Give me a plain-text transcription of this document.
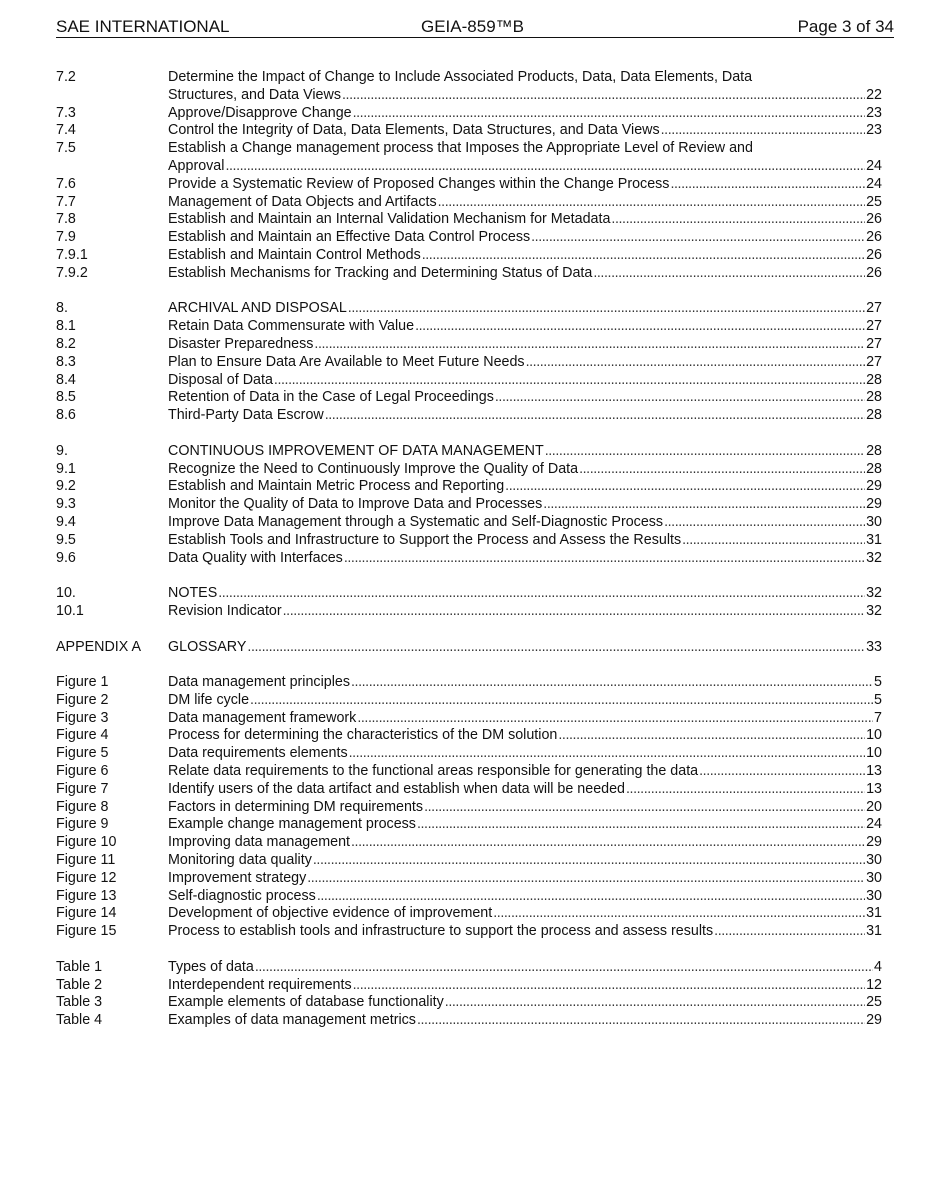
SAE INTERNATIONAL	GEIA-859™B	Page 3 of 34
7.2	Determine the Impact of Change to Include Associated Products, Data, Data Elements, Data
Structures, and Data Views . . .	22
7.3	Approve/Disapprove Change . . .	23
7.4	Control the Integrity of Data, Data Elements, Data Structures, and Data Views . . .	23
7.5	Establish a Change management process that Imposes the Appropriate Level of Review and
Approval . . .	24
7.6	Provide a Systematic Review of Proposed Changes within the Change Process . . .	24
7.7	Management of Data Objects and Artifacts . . .	25
7.8	Establish and Maintain an Internal Validation Mechanism for Metadata . . .	26
7.9	Establish and Maintain an Effective Data Control Process . . .	26
7.9.1	Establish and Maintain Control Methods . . .	26
7.9.2	Establish Mechanisms for Tracking and Determining Status of Data . . .	26
8.	ARCHIVAL AND DISPOSAL . . .	27
8.1	Retain Data Commensurate with Value . . .	27
8.2	Disaster Preparedness . . .	27
8.3	Plan to Ensure Data Are Available to Meet Future Needs . . .	27
8.4	Disposal of Data . . .	28
8.5	Retention of Data in the Case of Legal Proceedings . . .	28
8.6	Third-Party Data Escrow . . .	28
9.	CONTINUOUS IMPROVEMENT OF DATA MANAGEMENT . . .	28
9.1	Recognize the Need to Continuously Improve the Quality of Data . . .	28
9.2	Establish and Maintain Metric Process and Reporting . . .	29
9.3	Monitor the Quality of Data to Improve Data and Processes . . .	29
9.4	Improve Data Management through a Systematic and Self-Diagnostic Process . . .	30
9.5	Establish Tools and Infrastructure to Support the Process and Assess the Results . . .	31
9.6	Data Quality with Interfaces . . .	32
10.	NOTES . . .	32
10.1	Revision Indicator . . .	32
APPENDIX A	GLOSSARY . . .	33
Figure 1	Data management principles . . .	5
Figure 2	DM life cycle . . .	5
Figure 3	Data management framework . . .	7
Figure 4	Process for determining the characteristics of the DM solution . . .	10
Figure 5	Data requirements elements . . .	10
Figure 6	Relate data requirements to the functional areas responsible for generating the data . . .	13
Figure 7	Identify users of the data artifact and establish when data will be needed . . .	13
Figure 8	Factors in determining DM requirements . . .	20
Figure 9	Example change management process . . .	24
Figure 10	Improving data management . . .	29
Figure 11	Monitoring data quality . . .	30
Figure 12	Improvement strategy . . .	30
Figure 13	Self-diagnostic process . . .	30
Figure 14	Development of objective evidence of improvement . . .	31
Figure 15	Process to establish tools and infrastructure to support the process and assess results . . .	31
Table 1	Types of data . . .	4
Table 2	Interdependent requirements . . .	12
Table 3	Example elements of database functionality . . .	25
Table 4	Examples of data management metrics . . .	29
